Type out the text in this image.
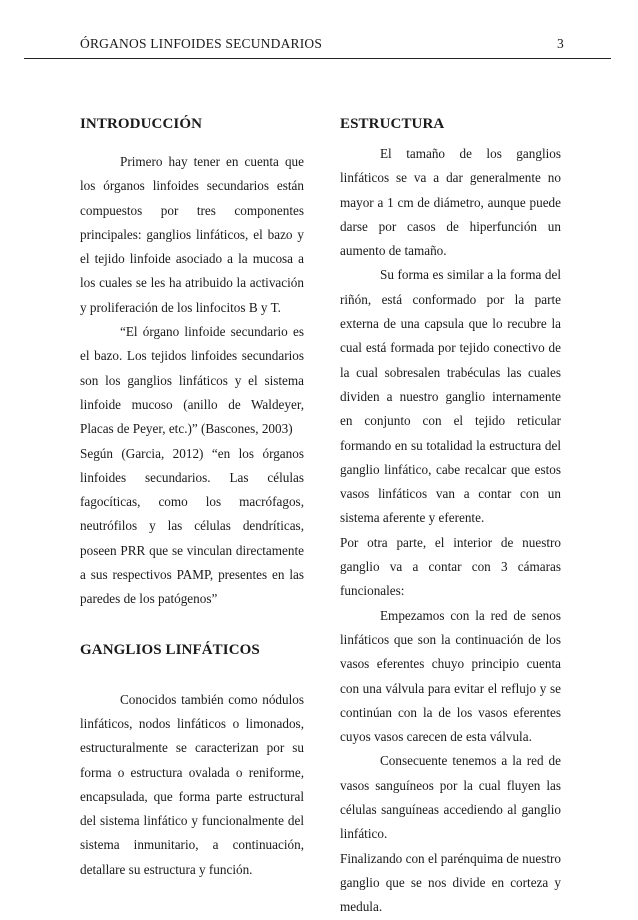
ÓRGANOS LINFOIDES SECUNDARIOS	3
INTRODUCCIÓN

Primero hay tener en cuenta que los órganos linfoides secundarios están compuestos por tres componentes principales: ganglios linfáticos, el bazo y el tejido linfoide asociado a la mucosa a los cuales se les ha atribuido la activación y proliferación de los linfocitos B y T.

“El órgano linfoide secundario es el bazo. Los tejidos linfoides secundarios son los ganglios linfáticos y el sistema linfoide mucoso (anillo de Waldeyer, Placas de Peyer, etc.)” (Bascones, 2003)

Según (Garcia, 2012) “en los órganos linfoides secundarios. Las células fagocíticas, como los macrófagos, neutrófilos y las células dendríticas, poseen PRR que se vinculan directamente a sus respectivos PAMP, presentes en las paredes de los patógenos”

GANGLIOS LINFÁTICOS

Conocidos también como nódulos linfáticos, nodos linfáticos o limonados, estructuralmente se caracterizan por su forma o estructura ovalada o reniforme, encapsulada, que forma parte estructural del sistema linfático y funcionalmente del sistema inmunitario, a continuación, detallare su estructura y función.

ESTRUCTURA

El tamaño de los ganglios linfáticos se va a dar generalmente no mayor a 1 cm de diámetro, aunque puede darse por casos de hiperfunción un aumento de tamaño.

Su forma es similar a la forma del riñón, está conformado por la parte externa de una capsula que lo recubre la cual está formada por tejido conectivo de la cual sobresalen trabéculas las cuales dividen a nuestro ganglio internamente en conjunto con el tejido reticular formando en su totalidad la estructura del ganglio linfático, cabe recalcar que estos vasos linfáticos van a contar con un sistema aferente y eferente.

Por otra parte, el interior de nuestro ganglio va a contar con 3 cámaras funcionales:

Empezamos con la red de senos linfáticos que son la continuación de los vasos eferentes chuyo principio cuenta con una válvula para evitar el reflujo y se continúan con la de los vasos eferentes cuyos vasos carecen de esta válvula.

Consecuente tenemos a la red de vasos sanguíneos por la cual fluyen las células sanguíneas accediendo al ganglio linfático.

Finalizando con el parénquima de nuestro ganglio que se nos divide en corteza y medula.
